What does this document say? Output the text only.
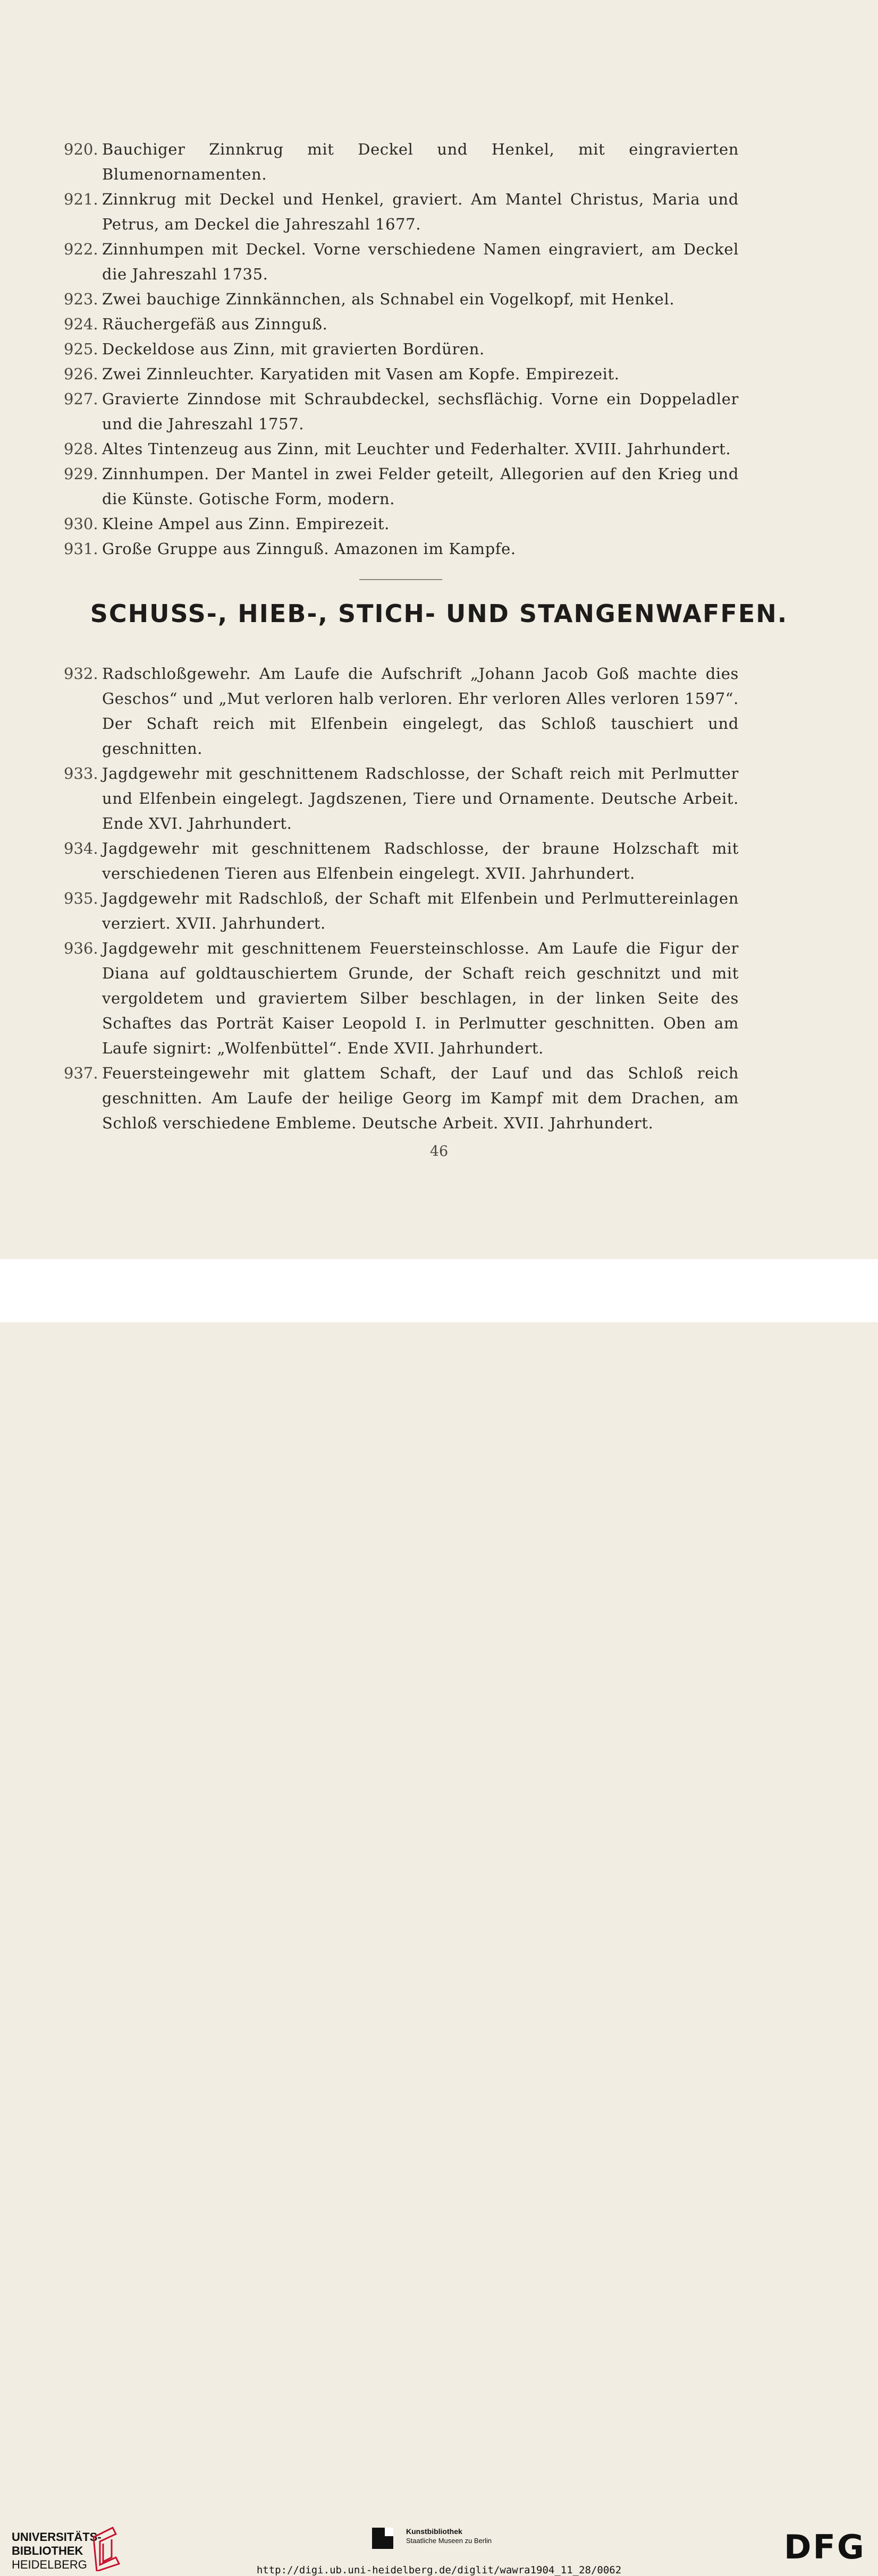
920. Bauchiger Zinnkrug mit Deckel und Henkel, mit eingravierten Blumenornamenten.

921. Zinnkrug mit Deckel und Henkel, graviert. Am Mantel Christus, Maria und Petrus, am Deckel die Jahreszahl 1677.

922. Zinnhumpen mit Deckel. Vorne verschiedene Namen eingraviert, am Deckel die Jahreszahl 1735.

923. Zwei bauchige Zinnkännchen, als Schnabel ein Vogelkopf, mit Henkel.

924. Räuchergefäß aus Zinnguß.

925. Deckeldose aus Zinn, mit gravierten Bordüren.

926. Zwei Zinnleuchter. Karyatiden mit Vasen am Kopfe. Empirezeit.

927. Gravierte Zinndose mit Schraubdeckel, sechsflächig. Vorne ein Doppeladler und die Jahreszahl 1757.

928. Altes Tintenzeug aus Zinn, mit Leuchter und Federhalter. XVIII. Jahrhundert.

929. Zinnhumpen. Der Mantel in zwei Felder geteilt, Allegorien auf den Krieg und die Künste. Gotische Form, modern.

930. Kleine Ampel aus Zinn. Empirezeit.

931. Große Gruppe aus Zinnguß. Amazonen im Kampfe.

SCHUSS-, HIEB-, STICH- UND STANGENWAFFEN.

932. Radschloßgewehr. Am Laufe die Aufschrift „Johann Jacob Goß machte dies Geschos“ und „Mut verloren halb verloren. Ehr verloren Alles verloren 1597“. Der Schaft reich mit Elfenbein eingelegt, das Schloß tauschiert und geschnitten.

933. Jagdgewehr mit geschnittenem Radschlosse, der Schaft reich mit Perlmutter und Elfenbein eingelegt. Jagdszenen, Tiere und Ornamente. Deutsche Arbeit. Ende XVI. Jahrhundert.

934. Jagdgewehr mit geschnittenem Radschlosse, der braune Holzschaft mit verschiedenen Tieren aus Elfenbein eingelegt. XVII. Jahrhundert.

935. Jagdgewehr mit Radschloß, der Schaft mit Elfenbein und Perlmuttereinlagen verziert. XVII. Jahrhundert.

936. Jagdgewehr mit geschnittenem Feuersteinschlosse. Am Laufe die Figur der Diana auf goldtauschiertem Grunde, der Schaft reich geschnitzt und mit vergoldetem und graviertem Silber beschlagen, in der linken Seite des Schaftes das Porträt Kaiser Leopold I. in Perlmutter geschnitten. Oben am Laufe signirt: „Wolfenbüttel“. Ende XVII. Jahrhundert.

937. Feuersteingewehr mit glattem Schaft, der Lauf und das Schloß reich geschnitten. Am Laufe der heilige Georg im Kampf mit dem Drachen, am Schloß verschiedene Embleme. Deutsche Arbeit. XVII. Jahrhundert.

46
UNIVERSITÄTS-
BIBLIOTHEK
HEIDELBERG
Kunstbibliothek
Staatliche Museen zu Berlin	DFG
http://digi.ub.uni-heidelberg.de/diglit/wawra1904_11_28/0062
